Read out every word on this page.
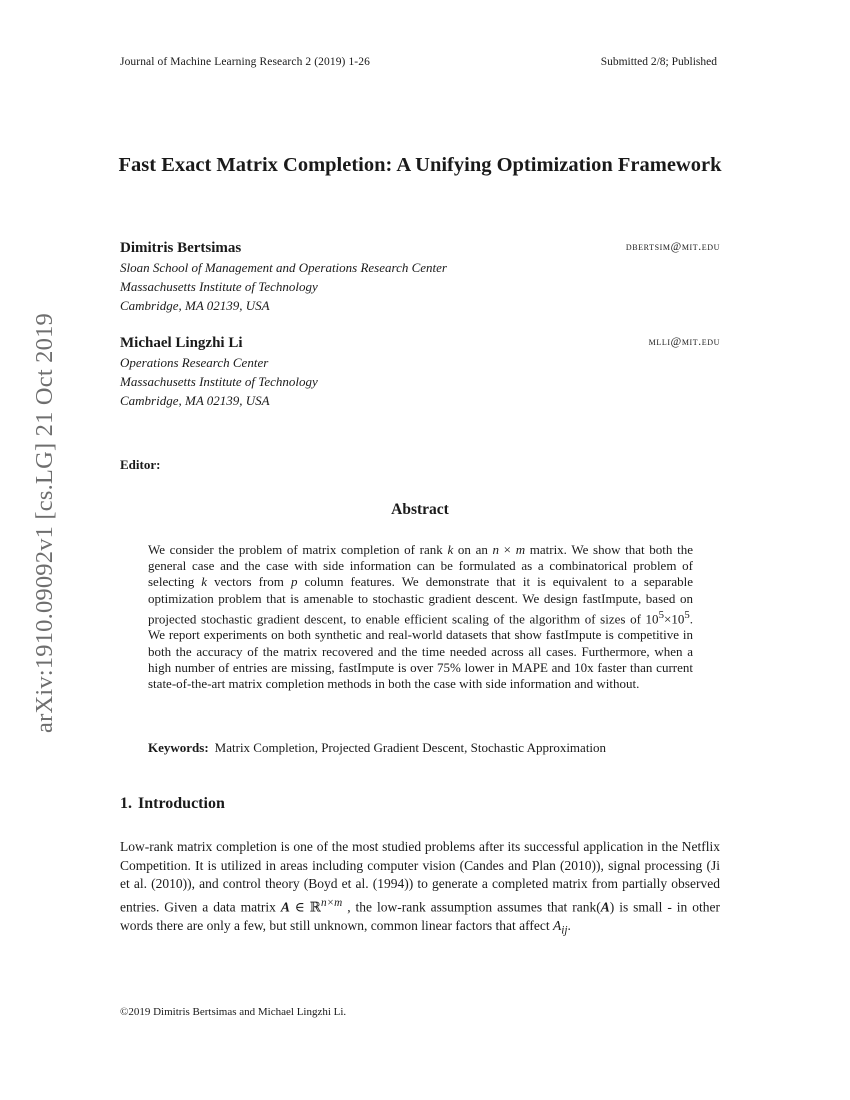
Journal of Machine Learning Research 2 (2019) 1-26	Submitted 2/8; Published
Fast Exact Matrix Completion: A Unifying Optimization Framework
Dimitris Bertsimas	dbertsim@mit.edu
Sloan School of Management and Operations Research Center
Massachusetts Institute of Technology
Cambridge, MA 02139, USA
Michael Lingzhi Li	mlli@mit.edu
Operations Research Center
Massachusetts Institute of Technology
Cambridge, MA 02139, USA
Editor:
Abstract
We consider the problem of matrix completion of rank k on an n × m matrix. We show that both the general case and the case with side information can be formulated as a combinatorical problem of selecting k vectors from p column features. We demonstrate that it is equivalent to a separable optimization problem that is amenable to stochastic gradient descent. We design fastImpute, based on projected stochastic gradient descent, to enable efficient scaling of the algorithm of sizes of $10^5\times 10^5$. We report experiments on both synthetic and real-world datasets that show fastImpute is competitive in both the accuracy of the matrix recovered and the time needed across all cases. Furthermore, when a high number of entries are missing, fastImpute is over 75% lower in MAPE and 10x faster than current state-of-the-art matrix completion methods in both the case with side information and without.
Keywords: Matrix Completion, Projected Gradient Descent, Stochastic Approximation
1. Introduction
Low-rank matrix completion is one of the most studied problems after its successful application in the Netflix Competition. It is utilized in areas including computer vision (Candes and Plan (2010)), signal processing (Ji et al. (2010)), and control theory (Boyd et al. (1994)) to generate a completed matrix from partially observed entries. Given a data matrix A ∈ ℝ$^{n\times m}$ , the low-rank assumption assumes that rank(A) is small - in other words there are only a few, but still unknown, common linear factors that affect $A_{ij}$.
©2019 Dimitris Bertsimas and Michael Lingzhi Li.
arXiv:1910.09092v1 [cs.LG] 21 Oct 2019
